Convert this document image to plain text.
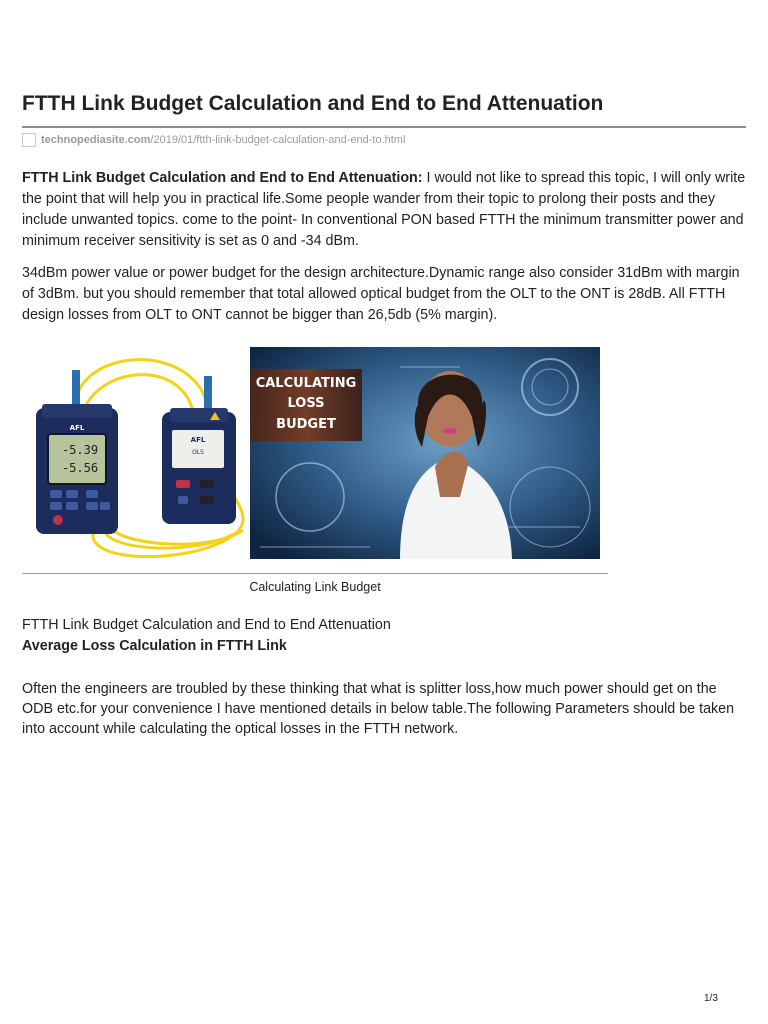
FTTH Link Budget Calculation and End to End Attenuation
technopediasite.com/2019/01/ftth-link-budget-calculation-and-end-to.html

FTTH Link Budget Calculation and End to End Attenuation: I would not like to spread this topic, I will only write the point that will help you in practical life.Some people wander from their topic to prolong their posts and they include unwanted topics. come to the point- In conventional PON based FTTH the minimum transmitter power and minimum receiver sensitivity is set as 0 and -34 dBm.

34dBm power value or power budget for the design architecture.Dynamic range also consider 31dBm with margin of 3dBm. but you should remember that total allowed optical budget from the OLT to the ONT is 28dB. All FTTH design losses from OLT to ONT cannot be bigger than 26,5db (5% margin).

AFL
-5.39
-5.56
AFL
OLS
CALCULATING
LOSS
BUDGET
Calculating Link Budget
FTTH Link Budget Calculation and End to End Attenuation
Average Loss Calculation in FTTH Link

Often the engineers are troubled by these thinking that what is splitter loss,how much power should get on the ODB etc.for your convenience I have mentioned details in below table.The following Parameters should be taken into account while calculating the optical losses in the FTTH network.

1/3
